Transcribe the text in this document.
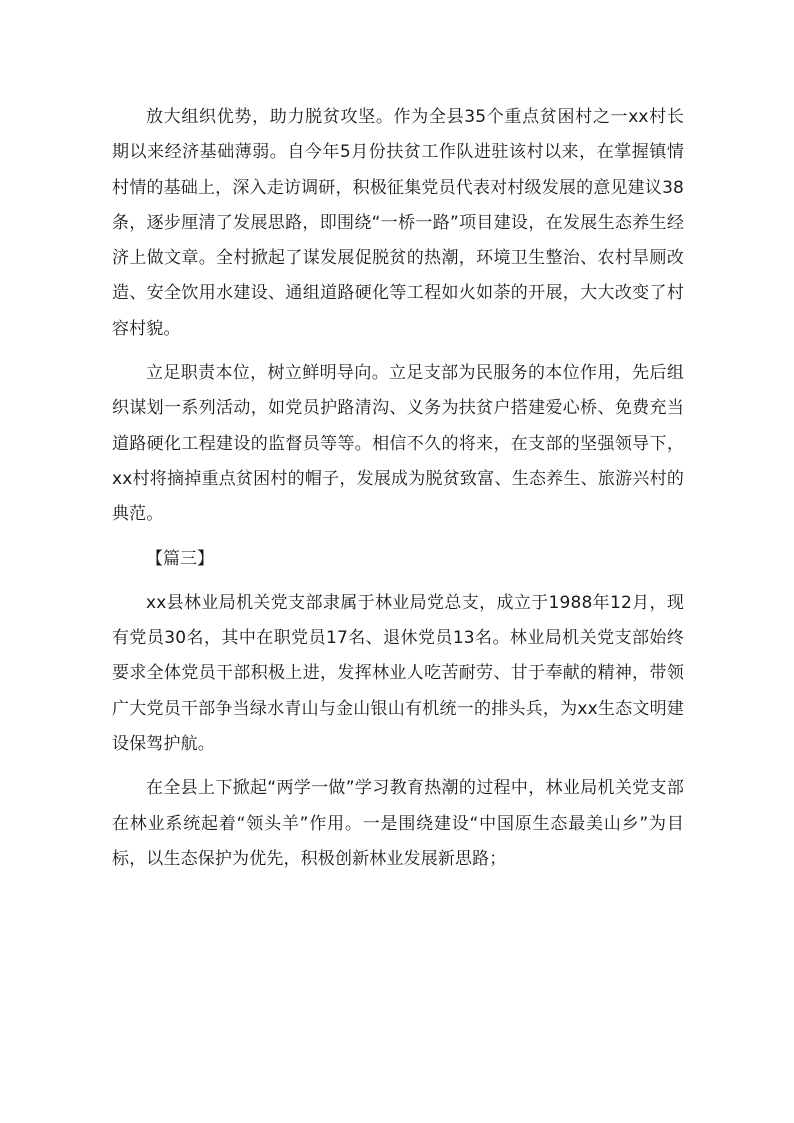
放大组织优势，助力脱贫攻坚。作为全县35个重点贫困村之一xx村长期以来经济基础薄弱。自今年5月份扶贫工作队进驻该村以来，在掌握镇情村情的基础上，深入走访调研，积极征集党员代表对村级发展的意见建议38条，逐步厘清了发展思路，即围绕“一桥一路”项目建设，在发展生态养生经济上做文章。全村掀起了谋发展促脱贫的热潮，环境卫生整治、农村旱厕改造、安全饮用水建设、通组道路硬化等工程如火如荼的开展，大大改变了村容村貌。

立足职责本位，树立鲜明导向。立足支部为民服务的本位作用，先后组织谋划一系列活动，如党员护路清沟、义务为扶贫户搭建爱心桥、免费充当道路硬化工程建设的监督员等等。相信不久的将来，在支部的坚强领导下，xx村将摘掉重点贫困村的帽子，发展成为脱贫致富、生态养生、旅游兴村的典范。

【篇三】

xx县林业局机关党支部隶属于林业局党总支，成立于1988年12月，现有党员30名，其中在职党员17名、退休党员13名。林业局机关党支部始终要求全体党员干部积极上进，发挥林业人吃苦耐劳、甘于奉献的精神，带领广大党员干部争当绿水青山与金山银山有机统一的排头兵，为xx生态文明建设保驾护航。

在全县上下掀起“两学一做”学习教育热潮的过程中，林业局机关党支部在林业系统起着“领头羊”作用。一是围绕建设“中国原生态最美山乡”为目标，以生态保护为优先，积极创新林业发展新思路；
